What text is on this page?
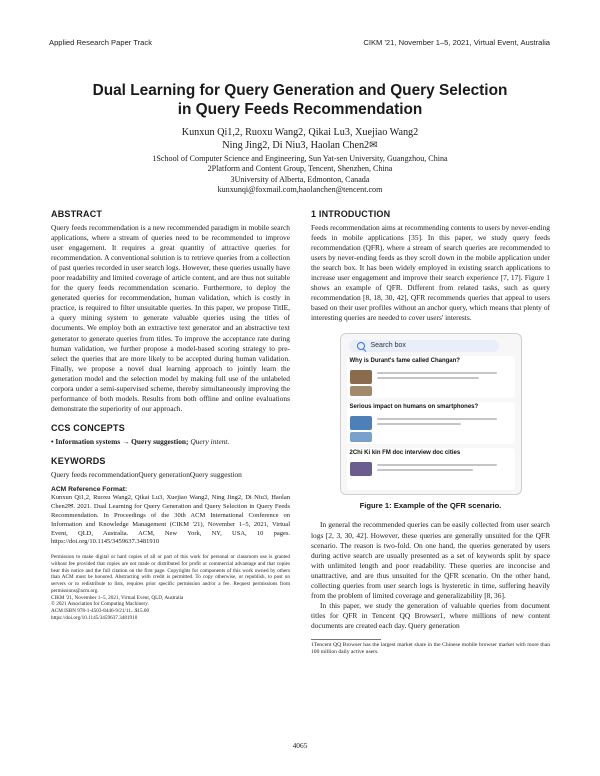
Applied Research Paper Track	CIKM '21, November 1–5, 2021, Virtual Event, Australia
Dual Learning for Query Generation and Query Selection
in Query Feeds Recommendation
Kunxun Qi1,2, Ruoxu Wang2, Qikai Lu3, Xuejiao Wang2
Ning Jing2, Di Niu3, Haolan Chen2✉
1School of Computer Science and Engineering, Sun Yat-sen University, Guangzhou, China
2Platform and Content Group, Tencent, Shenzhen, China
3University of Alberta, Edmonton, Canada
kunxunqi@foxmail.com,haolanchen@tencent.com
ABSTRACT

Query feeds recommendation is a new recommended paradigm in mobile search applications, where a stream of queries need to be recommended to improve user engagement. It requires a great quantity of attractive queries for recommendation. A conventional solution is to retrieve queries from a collection of past queries recorded in user search logs. However, these queries usually have poor readability and limited coverage of article content, and are thus not suitable for the query feeds recommendation scenario. Furthermore, to deploy the generated queries for recommendation, human validation, which is costly in practice, is required to filter unsuitable queries. In this paper, we propose TitIE, a query mining system to generate valuable queries using the titles of documents. We employ both an extractive text generator and an abstractive text generator to generate queries from titles. To improve the acceptance rate during human validation, we further propose a model-based scoring strategy to pre-select the queries that are more likely to be accepted during human validation. Finally, we propose a novel dual learning approach to jointly learn the generation model and the selection model by making full use of the unlabeled corpora under a semi-supervised scheme, thereby simultaneously improving the performance of both models. Results from both offline and online evaluations demonstrate the superiority of our approach.

CCS CONCEPTS
• Information systems → Query suggestion; Query intent.
KEYWORDS

Query feeds recommendationQuery generationQuery suggestion

ACM Reference Format:
Kunxun Qi1,2, Ruoxu Wang2, Qikai Lu3, Xuejiao Wang2, Ning Jing2, Di Niu3, Haolan Chen2✉. 2021. Dual Learning for Query Generation and Query Selection in Query Feeds Recommendation. In Proceedings of the 30th ACM International Conference on Information and Knowledge Management (CIKM '21), November 1–5, 2021, Virtual Event, QLD, Australia. ACM, New York, NY, USA, 10 pages. https://doi.org/10.1145/3459637.3481910
Permission to make digital or hard copies of all or part of this work for personal or classroom use is granted without fee provided that copies are not made or distributed for profit or commercial advantage and that copies bear this notice and the full citation on the first page. Copyrights for components of this work owned by others than ACM must be honored. Abstracting with credit is permitted. To copy otherwise, or republish, to post on servers or to redistribute to lists, requires prior specific permission and/or a fee. Request permissions from permissions@acm.org.
CIKM '21, November 1–5, 2021, Virtual Event, QLD, Australia
© 2021 Association for Computing Machinery.
ACM ISBN 978-1-4503-8446-9/21/11...$15.00
https://doi.org/10.1145/3459637.3481910
1 INTRODUCTION

Feeds recommendation aims at recommending contents to users by never-ending feeds in mobile applications [35]. In this paper, we study query feeds recommendation (QFR), where a stream of search queries are recommended to users by never-ending feeds as they scroll down in the mobile application under the search box. It has been widely employed in existing search applications to increase user engagement and improve their search experience [7, 17]. Figure 1 shows an example of QFR. Different from related tasks, such as query recommendation [8, 18, 30, 42], QFR recommends queries that appeal to users based on their user profiles without an anchor query, which means that plenty of interesting queries are needed to cover users' interests.

Search box
Why is Durant's fame called Changan?
Serious impact on humans on smartphones?
2Chi Ki kin FM doc interview doc cities
Figure 1: Example of the QFR scenario.

In general the recommended queries can be easily collected from user search logs [2, 3, 30, 42]. However, these queries are generally unsuited for the QFR scenario. The reason is two-fold. On one hand, the queries generated by users during active search are usually presented as a set of keywords split by space with unlimited length and poor readability. These queries are inconcise and unattractive, and are thus unsuited for the QFR scenario. On the other hand, collecting queries from user search logs is hysteretic in time, suffering heavily from the problem of limited coverage and generalizability [8, 36].

In this paper, we study the generation of valuable queries from document titles for QFR in Tencent QQ Browser1, where millions of new content documents are created each day. Query generation

1Tencent QQ Browser has the largest market share in the Chinese mobile browser market with more than 100 million daily active users.
4065
